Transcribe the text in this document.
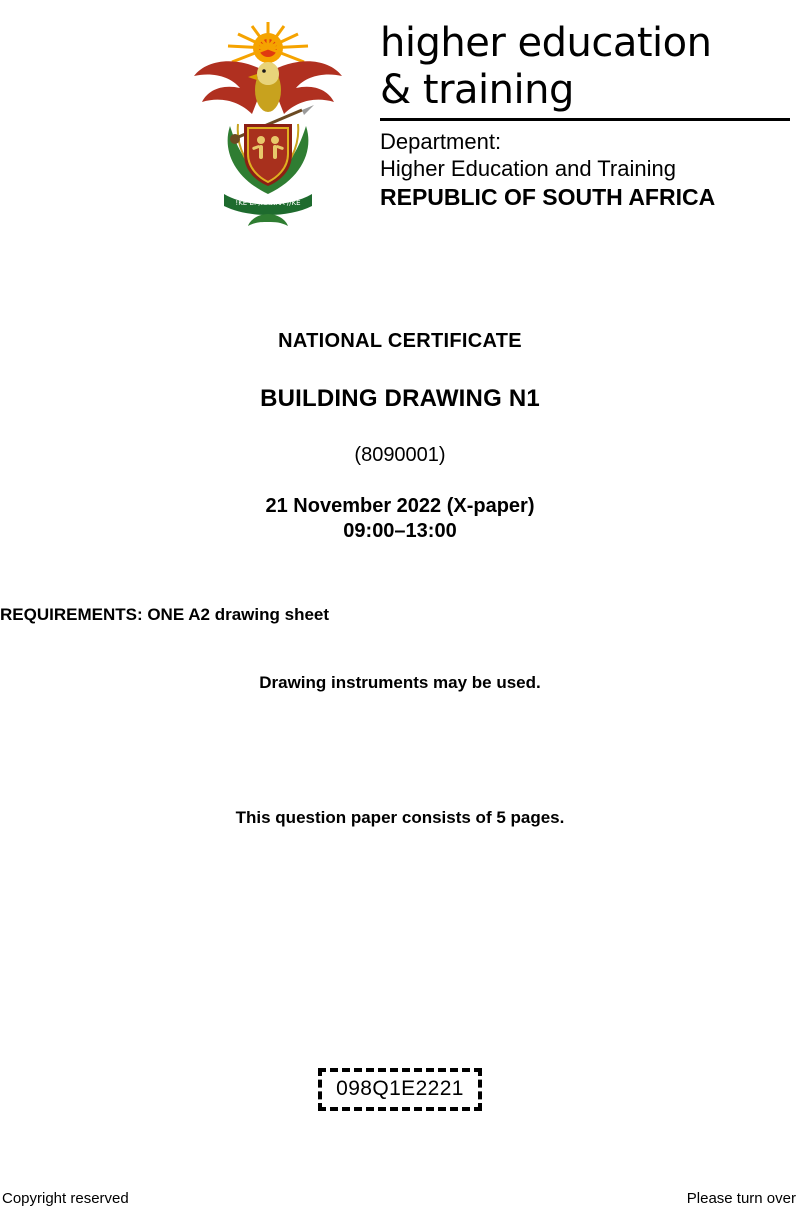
!KE E: /XARRA //KE
higher education
& training
Department:
Higher Education and Training
REPUBLIC OF SOUTH AFRICA
NATIONAL CERTIFICATE
BUILDING DRAWING N1
(8090001)
21 November 2022 (X-paper)
09:00–13:00
REQUIREMENTS: ONE A2 drawing sheet
Drawing instruments may be used.
This question paper consists of 5 pages.
098Q1E2221
Copyright reserved	Please turn over
